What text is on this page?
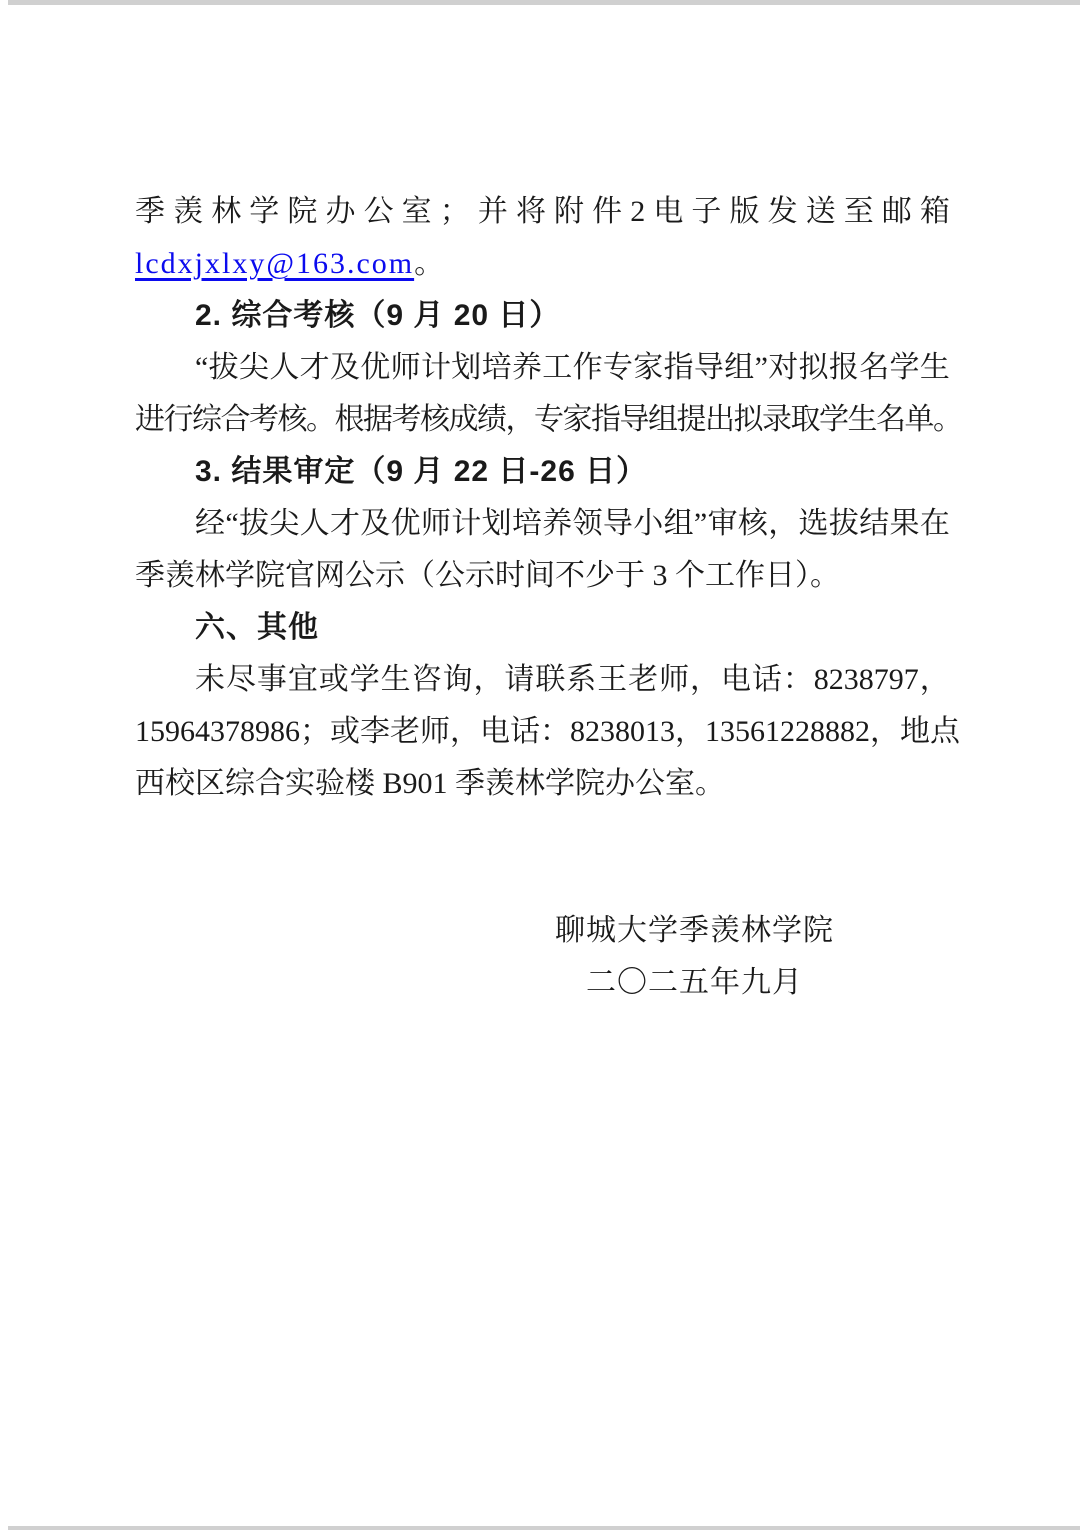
季 羡 林 学 院 办 公 室 ； 并 将 附 件 2 电 子 版 发 送 至 邮 箱
lcdxjxlxy@163.com。
2. 综合考核（9 月 20 日）
“ 拔 尖 人 才 及 优 师 计 划 培 养 工 作 专 家 指 导 组 ” 对 拟 报 名 学 生
进行综合考核。根据考核成绩，专家指导组提出拟录取学生名单。
3. 结果审定（9 月 22 日-26 日）
经 “ 拔 尖 人 才 及 优 师 计 划 培 养 领 导 小 组 ” 审 核 ， 选 拔 结 果 在
季羡林学院官网公示（公示时间不少于 3 个工作日）。
六、其他
未 尽 事 宜 或 学 生 咨 询 ， 请 联 系 王 老 师 ， 电 话 ： 8238797 ，
15964378986 ； 或 李 老 师 ， 电 话 ： 8238013 ， 13561228882 ， 地 点
西校区综合实验楼 B901 季羡林学院办公室。
聊城大学季羡林学院
二〇二五年九月
